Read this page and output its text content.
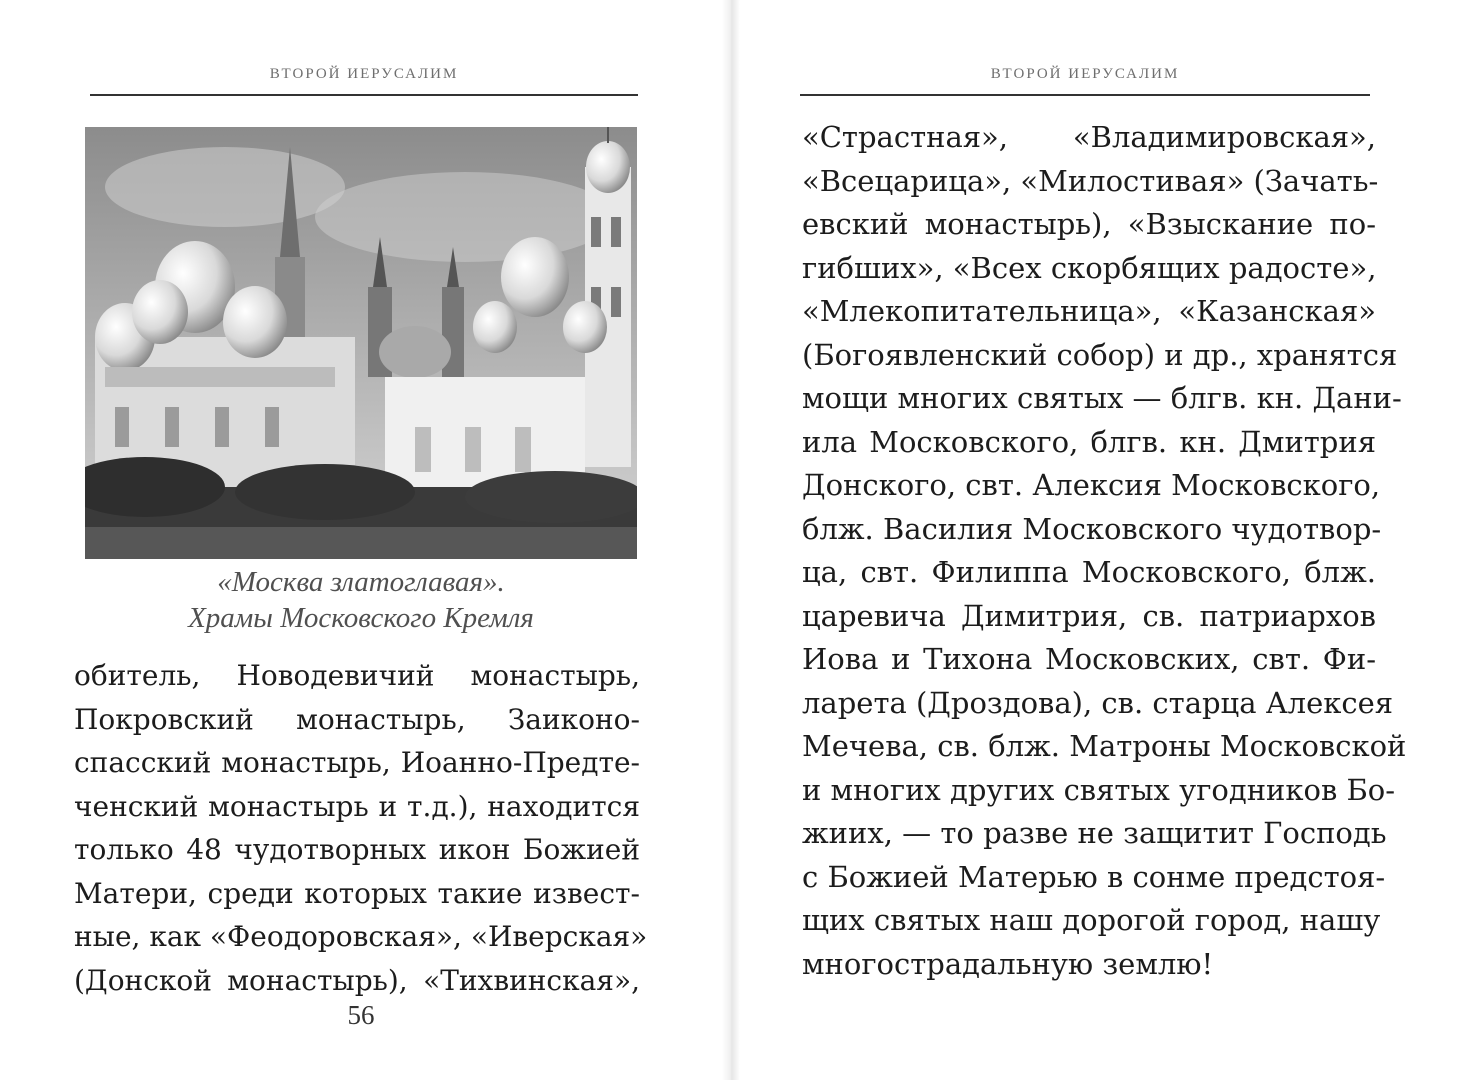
ВТОРОЙ ИЕРУСАЛИМ
«Москва златоглавая».
Храмы Московского Кремля
обитель, Новодевичий монастырь,
Покровский монастырь, Заиконо-
спасский монастырь, Иоанно-Предте-
ченский монастырь и т.д.), находится
только 48 чудотворных икон Божией
Матери, среди которых такие извест-
ные, как «Феодоровская», «Иверская»
(Донской монастырь), «Тихвинская»,
56
ВТОРОЙ ИЕРУСАЛИМ
«Страстная», «Владимировская»,
«Всецарица», «Милостивая» (Зачать-
евский монастырь), «Взыскание по-
гибших», «Всех скорбящих радосте»,
«Млекопитательница», «Казанская»
(Богоявленский собор) и др., хранятся
мощи многих святых — блгв. кн. Дани-
ила Московского, блгв. кн. Дмитрия
Донского, свт. Алексия Московского,
блж. Василия Московского чудотвор-
ца, свт. Филиппа Московского, блж.
царевича Димитрия, св. патриархов
Иова и Тихона Московских, свт. Фи-
ларета (Дроздова), св. старца Алексея
Мечева, св. блж. Матроны Московской
и многих других святых угодников Бо-
жиих, — то разве не защитит Господь
с Божией Матерью в сонме предстоя-
щих святых наш дорогой город, нашу
многострадальную землю!
